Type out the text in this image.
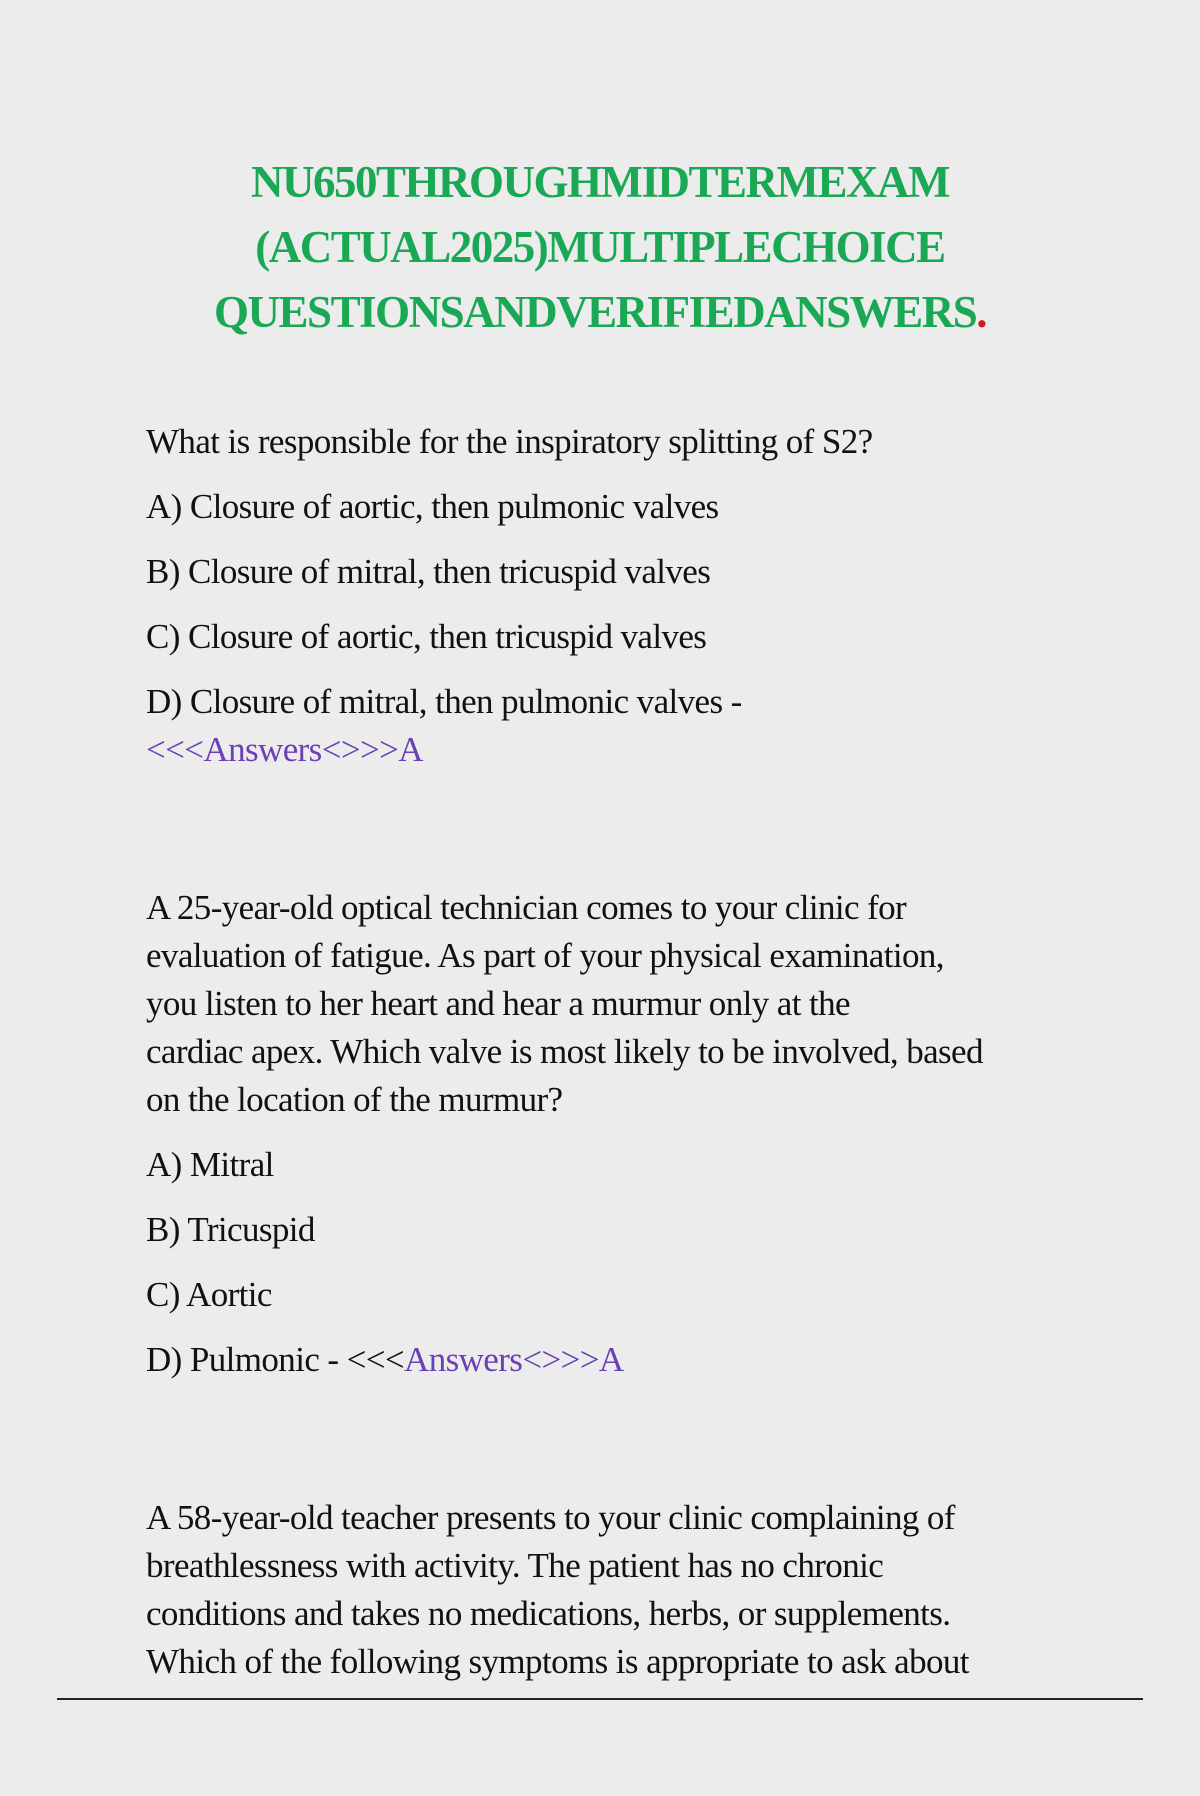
NU650THROUGHMIDTERMEXAM
(ACTUAL2025)MULTIPLECHOICE
QUESTIONSANDVERIFIEDANSWERS.

What is responsible for the inspiratory splitting of S2?

A) Closure of aortic, then pulmonic valves

B) Closure of mitral, then tricuspid valves

C) Closure of aortic, then tricuspid valves

D) Closure of mitral, then pulmonic valves -

<<<Answers<>>>A

A 25-year-old optical technician comes to your clinic for
evaluation of fatigue. As part of your physical examination,
you listen to her heart and hear a murmur only at the
cardiac apex. Which valve is most likely to be involved, based
on the location of the murmur?

A) Mitral

B) Tricuspid

C) Aortic

D) Pulmonic - <<<Answers<>>>A

A 58-year-old teacher presents to your clinic complaining of
breathlessness with activity. The patient has no chronic
conditions and takes no medications, herbs, or supplements.
Which of the following symptoms is appropriate to ask about
